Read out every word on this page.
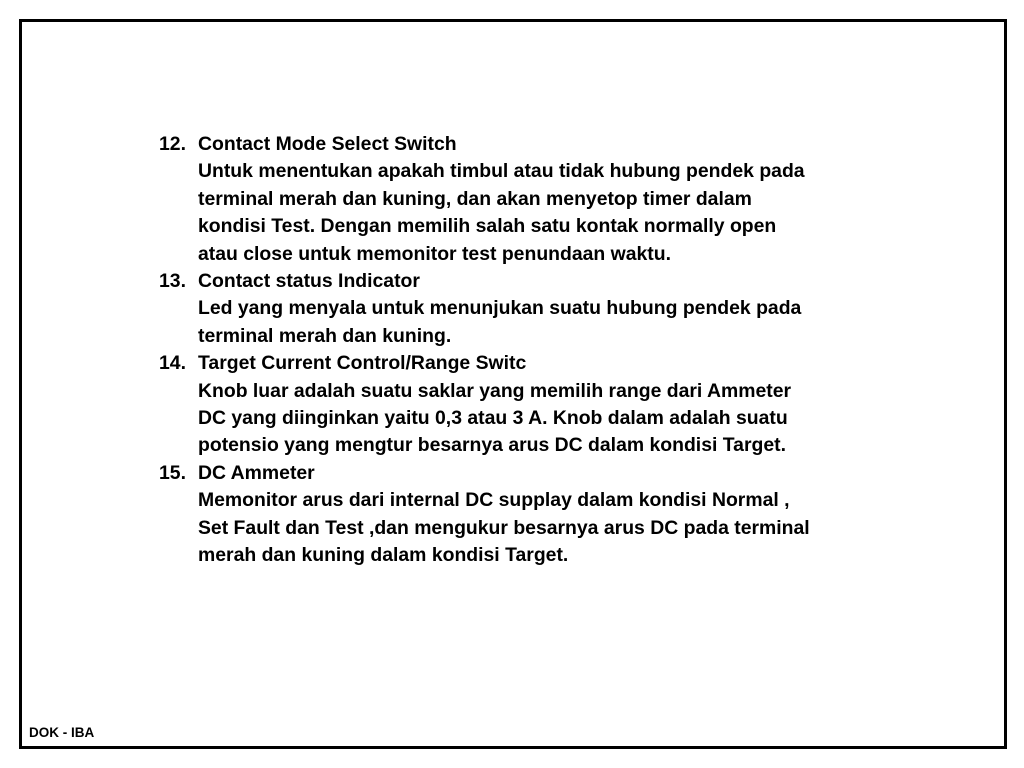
12. Contact Mode Select Switch
Untuk menentukan apakah timbul atau tidak hubung pendek pada
terminal merah dan kuning, dan akan menyetop timer dalam
kondisi Test. Dengan memilih salah satu kontak normally open
atau close untuk memonitor test penundaan waktu.
13. Contact status Indicator
Led yang menyala untuk menunjukan suatu hubung pendek pada
terminal merah dan kuning.
14. Target Current Control/Range Switc
Knob luar adalah suatu saklar yang memilih range dari Ammeter
DC yang diinginkan yaitu 0,3 atau 3 A. Knob dalam adalah suatu
potensio yang mengtur besarnya arus DC dalam kondisi Target.
15. DC Ammeter
Memonitor arus dari internal DC supplay dalam kondisi Normal ,
Set Fault dan Test ,dan mengukur besarnya arus DC pada terminal
merah dan kuning dalam kondisi Target.
DOK - IBA
